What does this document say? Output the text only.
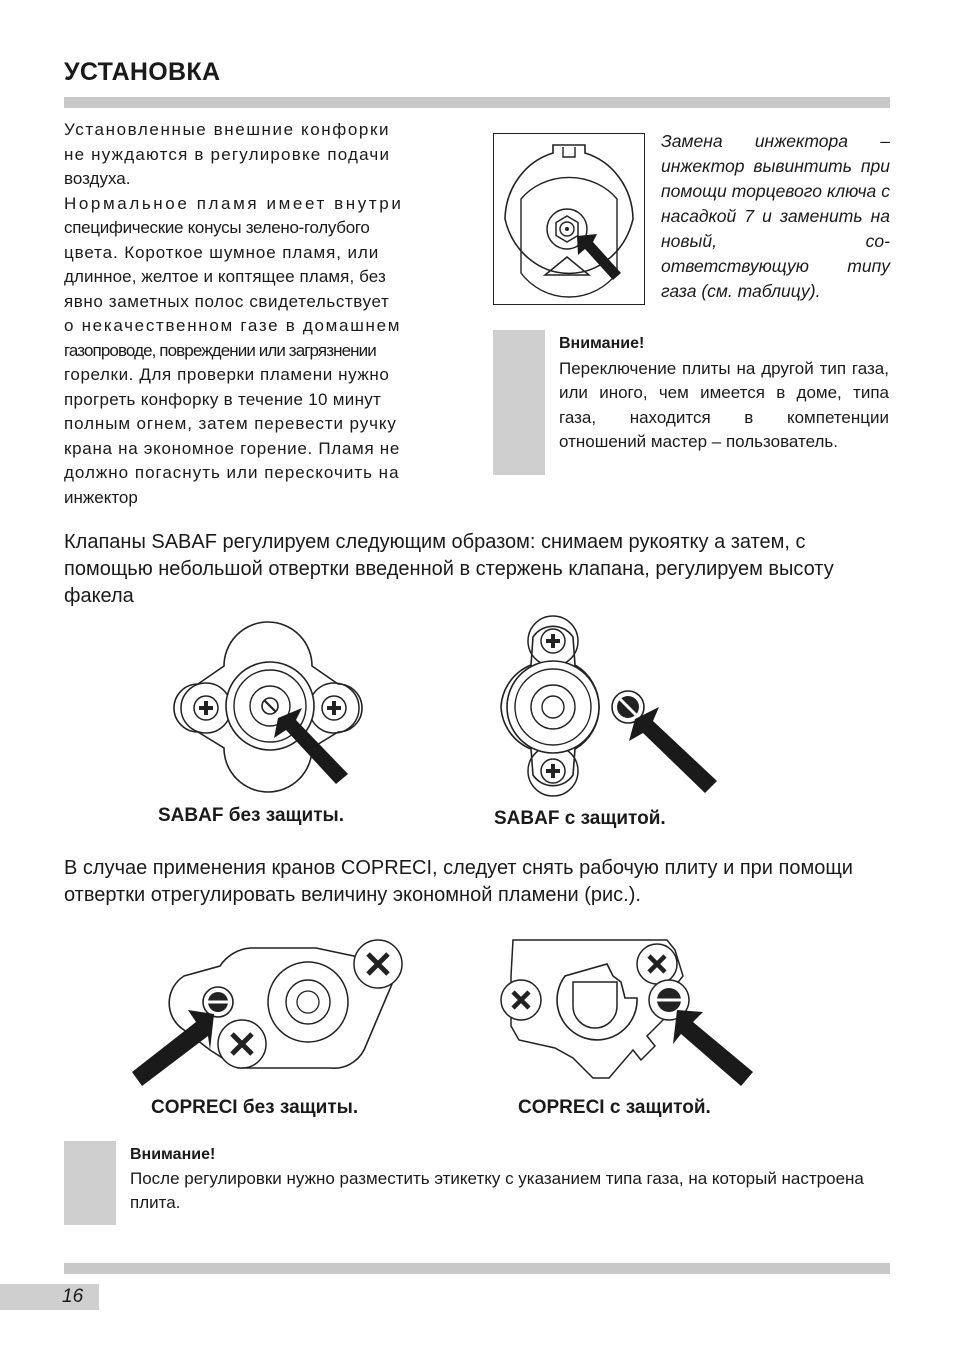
УСТАНОВКА
Установленные внешние конфорки
не нуждаются в регулировке подачи
воздуха.
Нормальное пламя имеет внутри
специфические конусы зелено-голубого
цвета. Короткое шумное пламя, или
длинное, желтое и коптящее пламя, без
явно заметных полос свидетельствует
о некачественном газе в домашнем
газопроводе, повреждении или загрязнении
горелки. Для проверки пламени нужно
прогреть конфорку в течение 10 минут
полным огнем, затем перевести ручку
крана на экономное горение. Пламя не
должно погаснуть или перескочить на
инжектор

Замена инжектора – инжектор вывинтить при помощи торцевого ключа с насадкой 7 и заменить на новый, со-ответствующую типу газа (см. таблицу).

Внимание!
Переключение плиты на другой тип газа, или иного, чем имеется в доме, типа газа, находится в компетенции отношений мастер – пользователь.

Клапаны SABAF регулируем следующим образом: снимаем рукоятку а затем, с помощью небольшой отвертки введенной в стержень клапана, регулируем высоту факела

SABAF без защиты.	SABAF с защитой.

В случае применения кранов COPRECI, следует снять рабочую плиту и при помощи отвертки отрегулировать величину экономной пламени (рис.).

COPRECI без защиты.	COPRECI с защитой.
Внимание!
После регулировки нужно разместить этикетку с указанием типа газа, на который настроена плита.
16
